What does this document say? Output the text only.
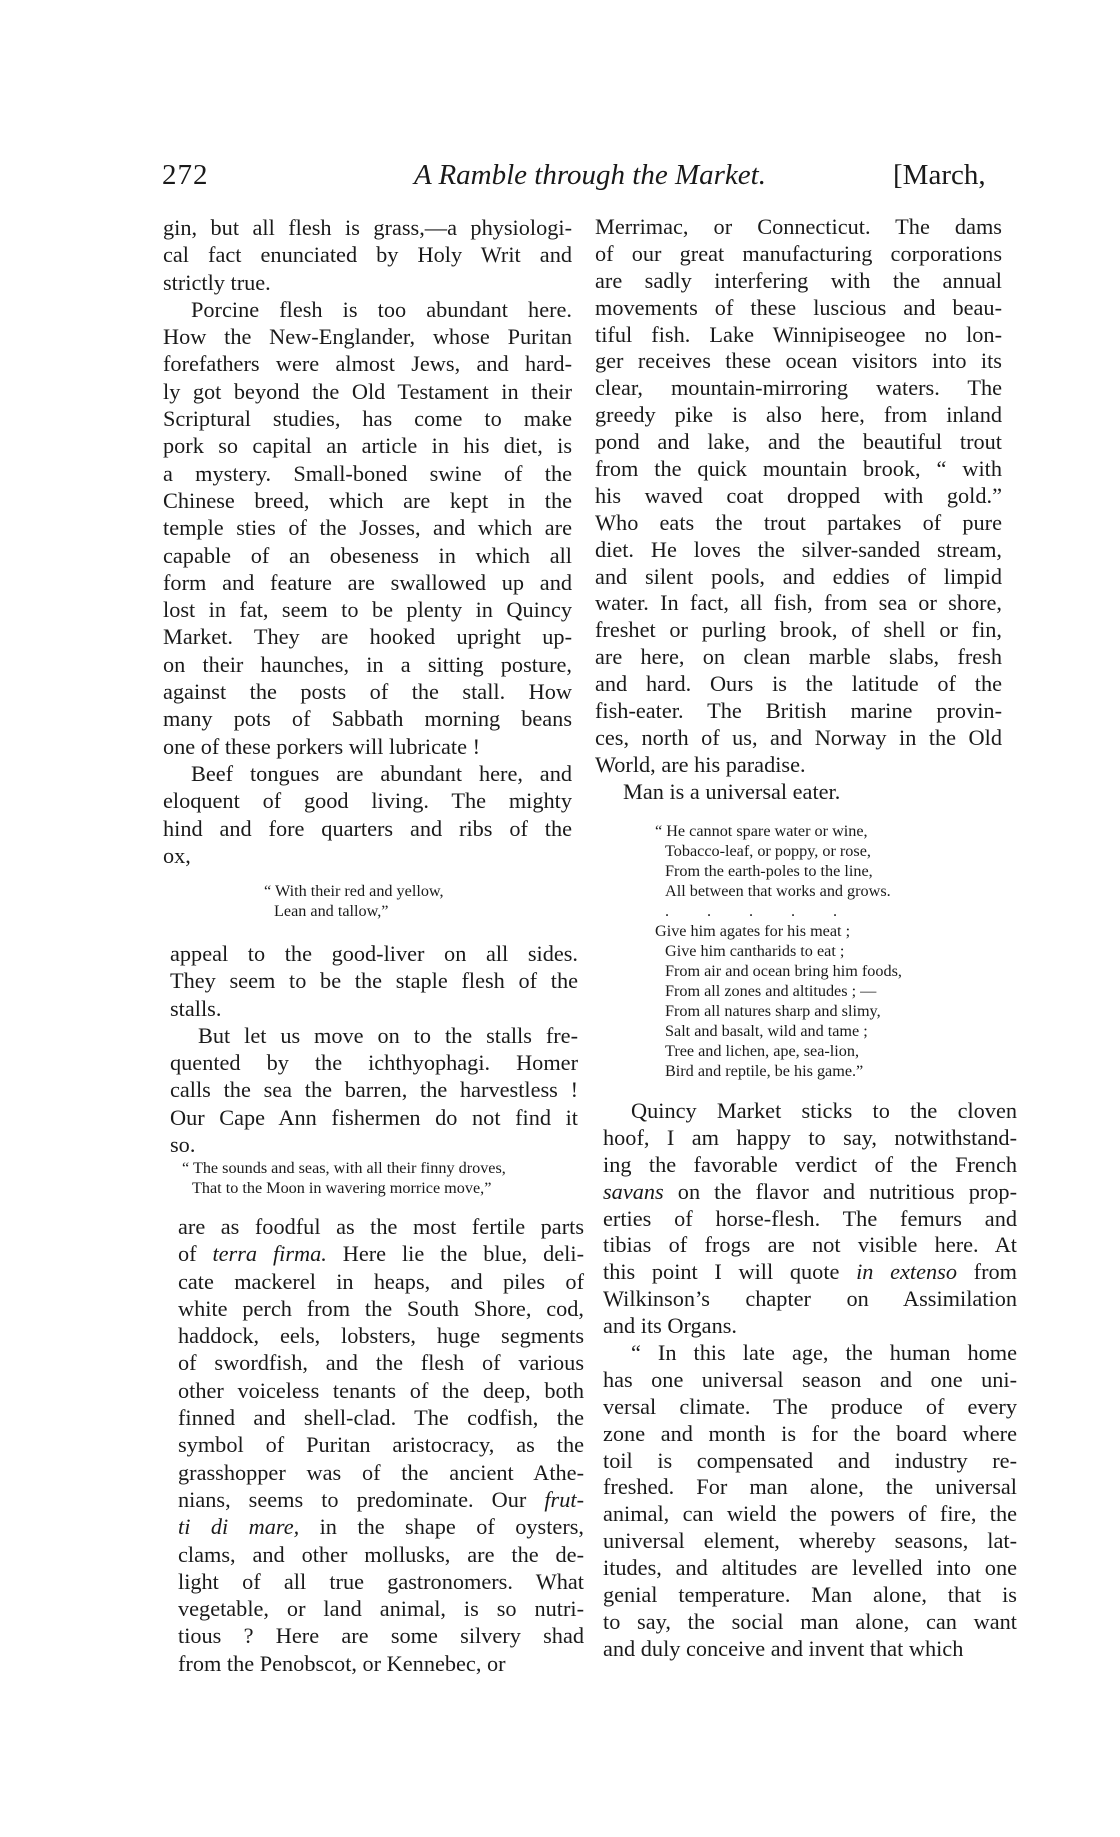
272	A Ramble through the Market.	[March,
gin, but all flesh is grass,—a physiologi-
cal fact enunciated by Holy Writ and
strictly true.
Porcine flesh is too abundant here.
How the New-Englander, whose Puritan
forefathers were almost Jews, and hard-
ly got beyond the Old Testament in their
Scriptural studies, has come to make
pork so capital an article in his diet, is
a mystery. Small-boned swine of the
Chinese breed, which are kept in the
temple sties of the Josses, and which are
capable of an obeseness in which all
form and feature are swallowed up and
lost in fat, seem to be plenty in Quincy
Market. They are hooked upright up-
on their haunches, in a sitting posture,
against the posts of the stall. How
many pots of Sabbath morning beans
one of these porkers will lubricate !
Beef tongues are abundant here, and
eloquent of good living. The mighty
hind and fore quarters and ribs of the
ox,
“ With their red and yellow,
Lean and tallow,”
appeal to the good-liver on all sides.
They seem to be the staple flesh of the
stalls.
But let us move on to the stalls fre-
quented by the ichthyophagi. Homer
calls the sea the barren, the harvestless !
Our Cape Ann fishermen do not find it
so.
“ The sounds and seas, with all their finny droves,
That to the Moon in wavering morrice move,”
are as foodful as the most fertile parts
of terra firma. Here lie the blue, deli-
cate mackerel in heaps, and piles of
white perch from the South Shore, cod,
haddock, eels, lobsters, huge segments
of swordfish, and the flesh of various
other voiceless tenants of the deep, both
finned and shell-clad. The codfish, the
symbol of Puritan aristocracy, as the
grasshopper was of the ancient Athe-
nians, seems to predominate. Our frut-
ti di mare, in the shape of oysters,
clams, and other mollusks, are the de-
light of all true gastronomers. What
vegetable, or land animal, is so nutri-
tious ? Here are some silvery shad
from the Penobscot, or Kennebec, or
Merrimac, or Connecticut. The dams
of our great manufacturing corporations
are sadly interfering with the annual
movements of these luscious and beau-
tiful fish. Lake Winnipiseogee no lon-
ger receives these ocean visitors into its
clear, mountain-mirroring waters. The
greedy pike is also here, from inland
pond and lake, and the beautiful trout
from the quick mountain brook, “ with
his waved coat dropped with gold.”
Who eats the trout partakes of pure
diet. He loves the silver-sanded stream,
and silent pools, and eddies of limpid
water. In fact, all fish, from sea or shore,
freshet or purling brook, of shell or fin,
are here, on clean marble slabs, fresh
and hard. Ours is the latitude of the
fish-eater. The British marine provin-
ces, north of us, and Norway in the Old
World, are his paradise.
Man is a universal eater.
“ He cannot spare water or wine,
Tobacco-leaf, or poppy, or rose,
From the earth-poles to the line,
All between that works and grows.
. . . . .
Give him agates for his meat ;
Give him cantharids to eat ;
From air and ocean bring him foods,
From all zones and altitudes ; —
From all natures sharp and slimy,
Salt and basalt, wild and tame ;
Tree and lichen, ape, sea-lion,
Bird and reptile, be his game.”
Quincy Market sticks to the cloven
hoof, I am happy to say, notwithstand-
ing the favorable verdict of the French
savans on the flavor and nutritious prop-
erties of horse-flesh. The femurs and
tibias of frogs are not visible here. At
this point I will quote in extenso from
Wilkinson’s chapter on Assimilation
and its Organs.
“ In this late age, the human home
has one universal season and one uni-
versal climate. The produce of every
zone and month is for the board where
toil is compensated and industry re-
freshed. For man alone, the universal
animal, can wield the powers of fire, the
universal element, whereby seasons, lat-
itudes, and altitudes are levelled into one
genial temperature. Man alone, that is
to say, the social man alone, can want
and duly conceive and invent that which
